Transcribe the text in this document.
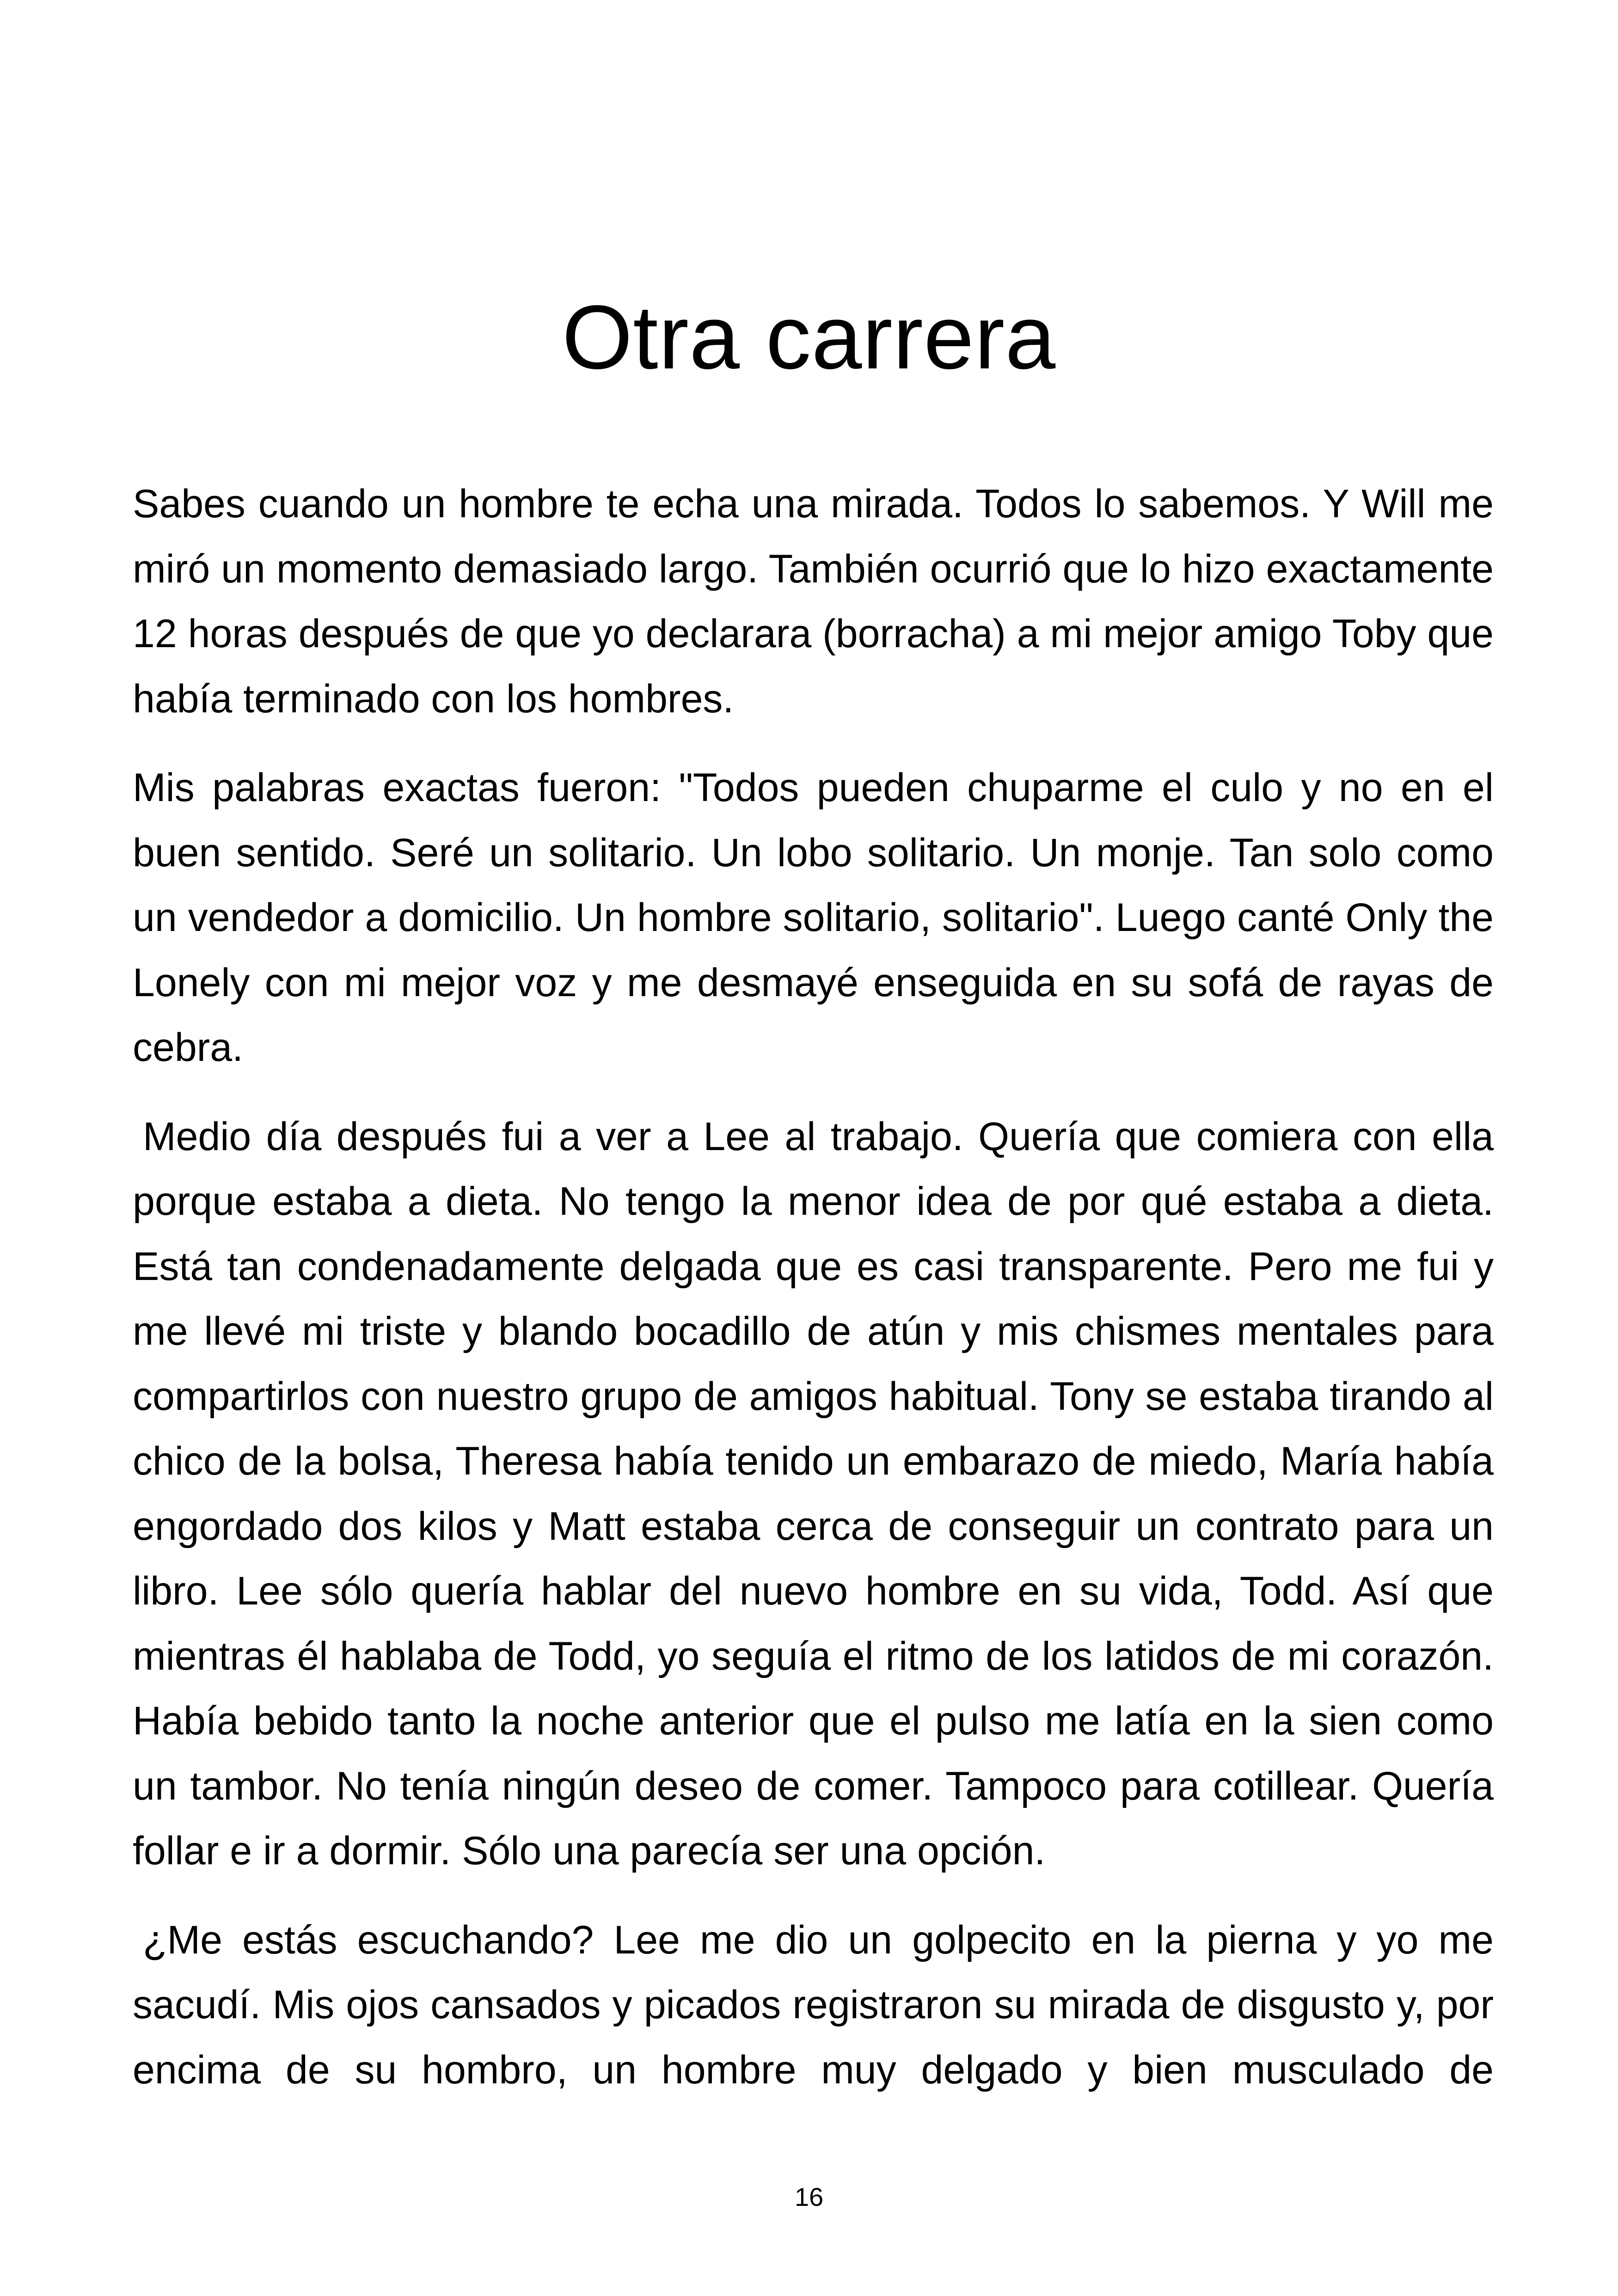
Otra carrera

Sabes cuando un hombre te echa una mirada. Todos lo sabemos. Y Will me miró un momento demasiado largo. También ocurrió que lo hizo exactamente 12 horas después de que yo declarara (borracha) a mi mejor amigo Toby que había terminado con los hombres.

Mis palabras exactas fueron: "Todos pueden chuparme el culo y no en el buen sentido. Seré un solitario. Un lobo solitario. Un monje. Tan solo como un vendedor a domicilio. Un hombre solitario, solitario". Luego canté Only the Lonely con mi mejor voz y me desmayé enseguida en su sofá de rayas de cebra.

Medio día después fui a ver a Lee al trabajo. Quería que comiera con ella porque estaba a dieta. No tengo la menor idea de por qué estaba a dieta. Está tan condenadamente delgada que es casi transparente. Pero me fui y me llevé mi triste y blando bocadillo de atún y mis chismes mentales para compartirlos con nuestro grupo de amigos habitual. Tony se estaba tirando al chico de la bolsa, Theresa había tenido un embarazo de miedo, María había engordado dos kilos y Matt estaba cerca de conseguir un contrato para un libro. Lee sólo quería hablar del nuevo hombre en su vida, Todd. Así que mientras él hablaba de Todd, yo seguía el ritmo de los latidos de mi corazón. Había bebido tanto la noche anterior que el pulso me latía en la sien como un tambor. No tenía ningún deseo de comer. Tampoco para cotillear. Quería follar e ir a dormir. Sólo una parecía ser una opción.

¿Me estás escuchando? Lee me dio un golpecito en la pierna y yo me sacudí. Mis ojos cansados y picados registraron su mirada de disgusto y, por encima de su hombro, un hombre muy delgado y bien musculado de

16
